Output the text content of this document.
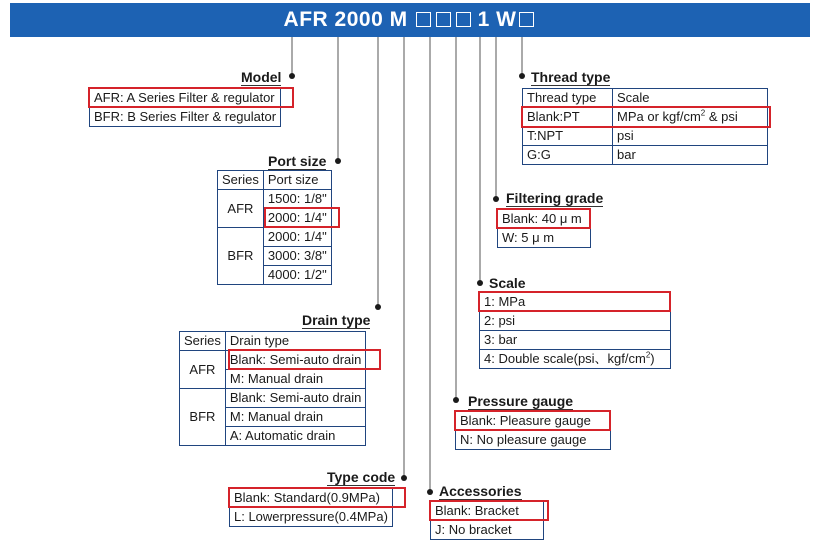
AFR 2000 M	1 W
Model
AFR: A Series Filter & regulator
BFR: B Series Filter & regulator
Port size
Series	Port size
AFR	1500: 1/8"
	2000: 1/4"
BFR	2000: 1/4"
	3000: 3/8"
	4000: 1/2"
Drain type
Series	Drain type
AFR	Blank: Semi-auto drain
	M: Manual drain
BFR	Blank: Semi-auto drain
	M: Manual drain
	A: Automatic drain
Type code
Blank: Standard(0.9MPa)
L: Lowerpressure(0.4MPa)
Accessories
Blank: Bracket
J: No bracket
Pressure gauge
Blank: Pleasure gauge
N: No pleasure gauge
Scale
1: MPa
2: psi
3: bar
4: Double scale(psi、kgf/$cm^2$)
Filtering grade
Blank: 40 μ m
W: 5 μ m
Thread type
Thread type	Scale
Blank:PT	MPa or kgf/$cm^2$ & psi
T:NPT	psi
G:G	bar
